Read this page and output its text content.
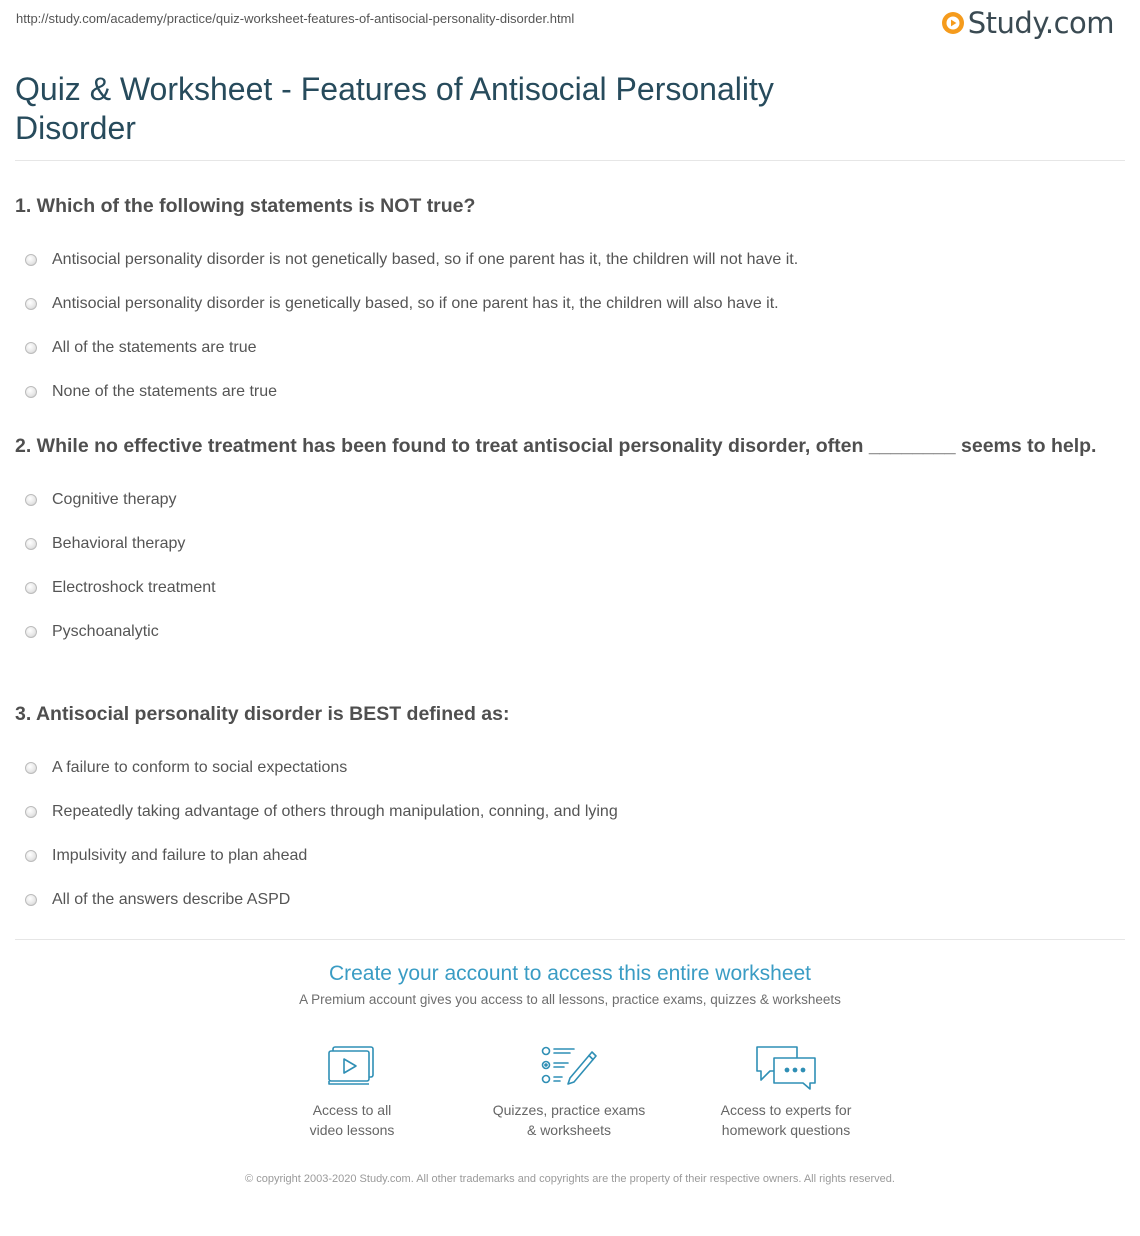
http://study.com/academy/practice/quiz-worksheet-features-of-antisocial-personality-disorder.html	Study.com
Quiz & Worksheet - Features of Antisocial Personality Disorder

1. Which of the following statements is NOT true?

Antisocial personality disorder is not genetically based, so if one parent has it, the children will not have it.
Antisocial personality disorder is genetically based, so if one parent has it, the children will also have it.
All of the statements are true
None of the statements are true

2. While no effective treatment has been found to treat antisocial personality disorder, often ________ seems to help.

Cognitive therapy
Behavioral therapy
Electroshock treatment
Pyschoanalytic

3. Antisocial personality disorder is BEST defined as:

A failure to conform to social expectations
Repeatedly taking advantage of others through manipulation, conning, and lying
Impulsivity and failure to plan ahead
All of the answers describe ASPD
Create your account to access this entire worksheet
A Premium account gives you access to all lessons, practice exams, quizzes & worksheets
Access to all
video lessons
Quizzes, practice exams
& worksheets
Access to experts for
homework questions
© copyright 2003-2020 Study.com. All other trademarks and copyrights are the property of their respective owners. All rights reserved.
